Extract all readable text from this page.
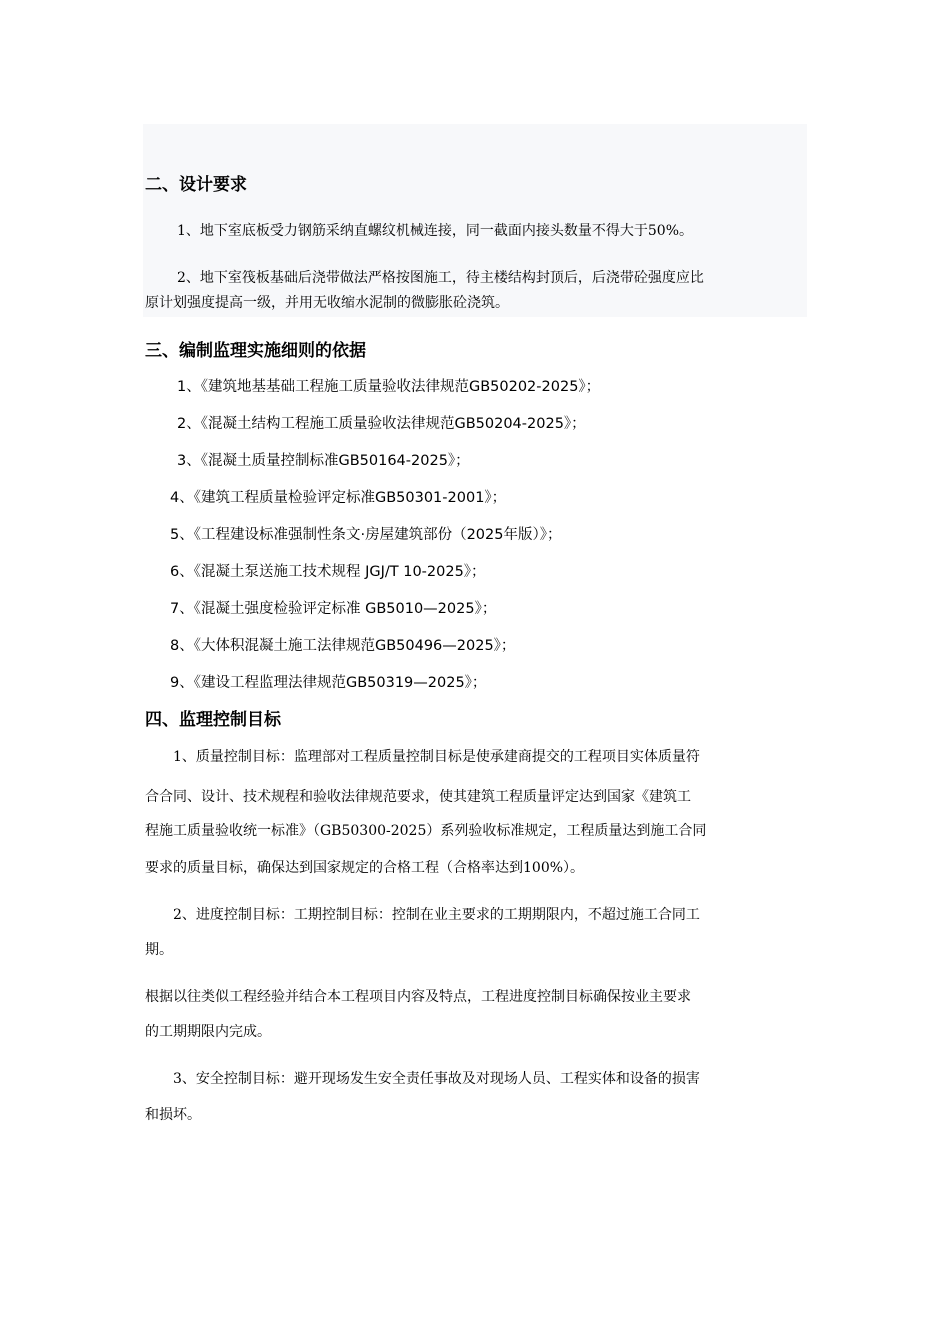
二、设计要求
1、地下室底板受力钢筋采纳直螺纹机械连接，同一截面内接头数量不得大于50%。
2、地下室筏板基础后浇带做法严格按图施工，待主楼结构封顶后，后浇带砼强度应比
原计划强度提高一级，并用无收缩水泥制的微膨胀砼浇筑。
三、编制监理实施细则的依据
1、《建筑地基基础工程施工质量验收法律规范GB50202-2025》；
2、《混凝土结构工程施工质量验收法律规范GB50204-2025》；
3、《混凝土质量控制标准GB50164-2025》；
4、《建筑工程质量检验评定标准GB50301-2001》；
5、《工程建设标准强制性条文·房屋建筑部份（2025年版）》；
6、《混凝土泵送施工技术规程 JGJ/T 10-2025》；
7、《混凝土强度检验评定标准 GB5010—2025》；
8、《大体积混凝土施工法律规范GB50496—2025》；
9、《建设工程监理法律规范GB50319—2025》；
四、监理控制目标
1、质量控制目标：监理部对工程质量控制目标是使承建商提交的工程项目实体质量符
合合同、设计、技术规程和验收法律规范要求，使其建筑工程质量评定达到国家《建筑工
程施工质量验收统一标准》（GB50300-2025）系列验收标准规定，工程质量达到施工合同
要求的质量目标，确保达到国家规定的合格工程（合格率达到100%）。
2、进度控制目标：工期控制目标：控制在业主要求的工期期限内，不超过施工合同工
期。
根据以往类似工程经验并结合本工程项目内容及特点，工程进度控制目标确保按业主要求
的工期期限内完成。
3、安全控制目标：避开现场发生安全责任事故及对现场人员、工程实体和设备的损害
和损坏。
